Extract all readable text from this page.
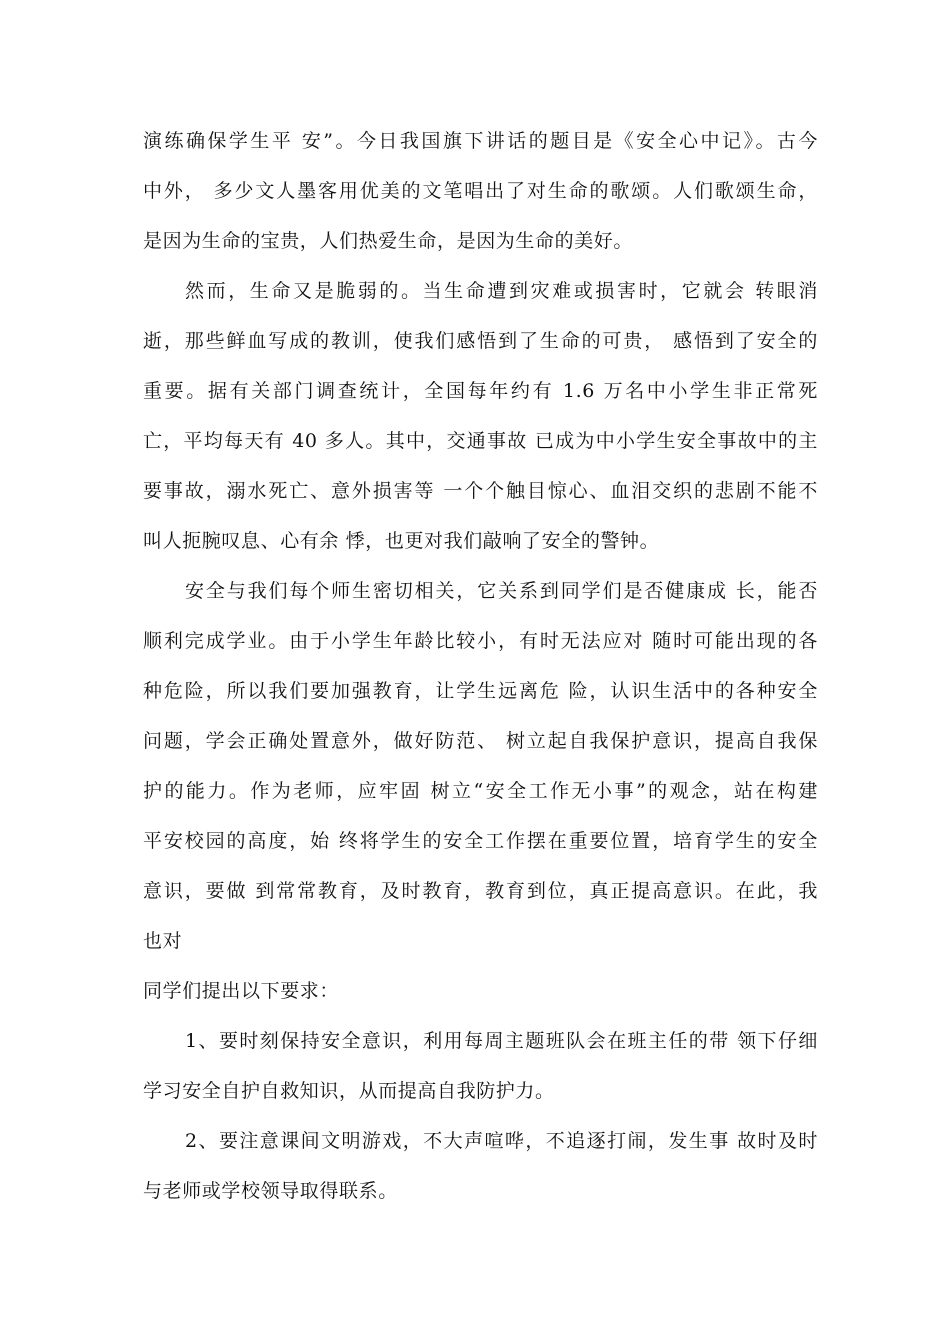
演练确保学生平 安”。今日我国旗下讲话的题目是《安全心中记》。古今
中外， 多少文人墨客用优美的文笔唱出了对生命的歌颂。人们歌颂生命，
是因为生命的宝贵，人们热爱生命，是因为生命的美好。
然而，生命又是脆弱的。当生命遭到灾难或损害时，它就会 转眼消
逝，那些鲜血写成的教训，使我们感悟到了生命的可贵， 感悟到了安全的
重要。据有关部门调查统计，全国每年约有 1.6 万名中小学生非正常死
亡，平均每天有 40 多人。其中，交通事故 已成为中小学生安全事故中的主
要事故，溺水死亡、意外损害等 一个个触目惊心、血泪交织的悲剧不能不
叫人扼腕叹息、心有余 悸，也更对我们敲响了安全的警钟。
安全与我们每个师生密切相关，它关系到同学们是否健康成 长，能否
顺利完成学业。由于小学生年龄比较小，有时无法应对 随时可能出现的各
种危险，所以我们要加强教育，让学生远离危 险，认识生活中的各种安全
问题，学会正确处置意外，做好防范、 树立起自我保护意识，提高自我保
护的能力。作为老师，应牢固 树立“安全工作无小事”的观念，站在构建
平安校园的高度，始 终将学生的安全工作摆在重要位置，培育学生的安全
意识，要做 到常常教育，及时教育，教育到位，真正提高意识。在此，我
也对
同学们提出以下要求：
1、要时刻保持安全意识，利用每周主题班队会在班主任的带 领下仔细
学习安全自护自救知识，从而提高自我防护力。
2、要注意课间文明游戏，不大声喧哗，不追逐打闹，发生事 故时及时
与老师或学校领导取得联系。
